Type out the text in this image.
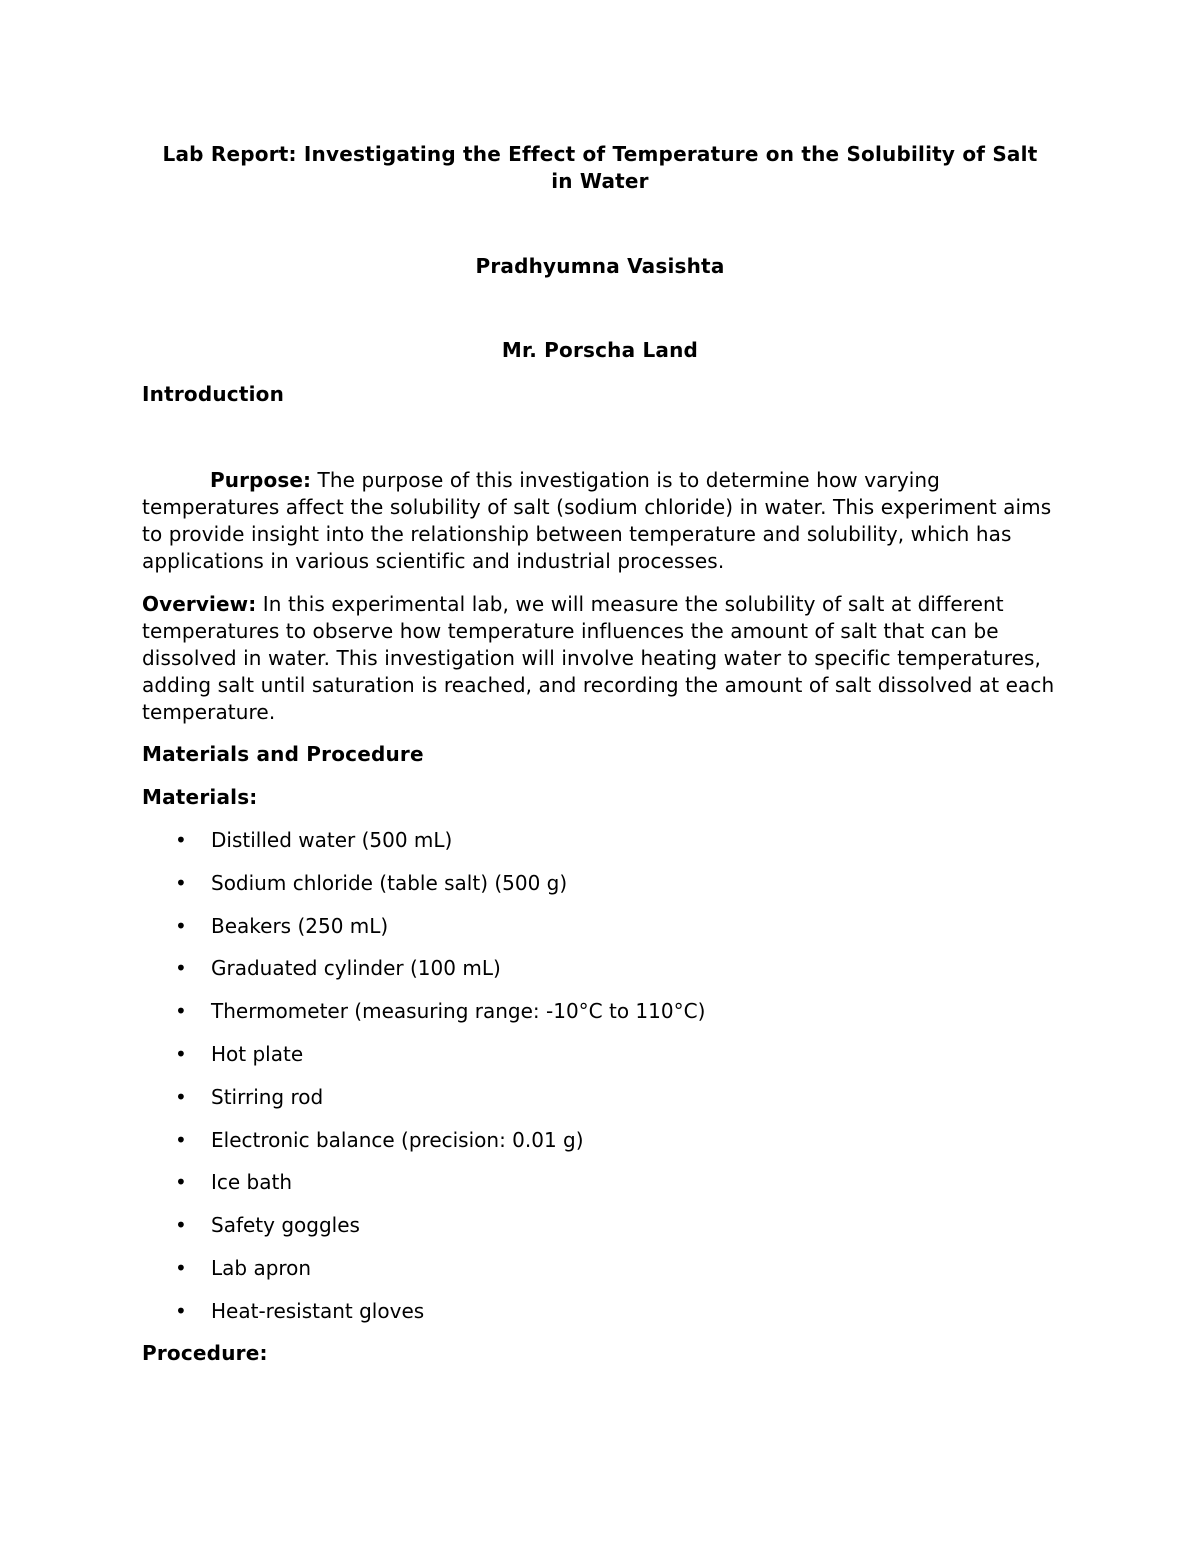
Lab Report: Investigating the Effect of Temperature on the Solubility of Salt in Water
Pradhyumna Vasishta
Mr. Porscha Land
Introduction
Purpose: The purpose of this investigation is to determine how varying temperatures affect the solubility of salt (sodium chloride) in water. This experiment aims to provide insight into the relationship between temperature and solubility, which has applications in various scientific and industrial processes.
Overview: In this experimental lab, we will measure the solubility of salt at different temperatures to observe how temperature influences the amount of salt that can be dissolved in water. This investigation will involve heating water to specific temperatures, adding salt until saturation is reached, and recording the amount of salt dissolved at each temperature.
Materials and Procedure
Materials:
• Distilled water (500 mL)
• Sodium chloride (table salt) (500 g)
• Beakers (250 mL)
• Graduated cylinder (100 mL)
• Thermometer (measuring range: -10°C to 110°C)
• Hot plate
• Stirring rod
• Electronic balance (precision: 0.01 g)
• Ice bath
• Safety goggles
• Lab apron
• Heat-resistant gloves
Procedure:
